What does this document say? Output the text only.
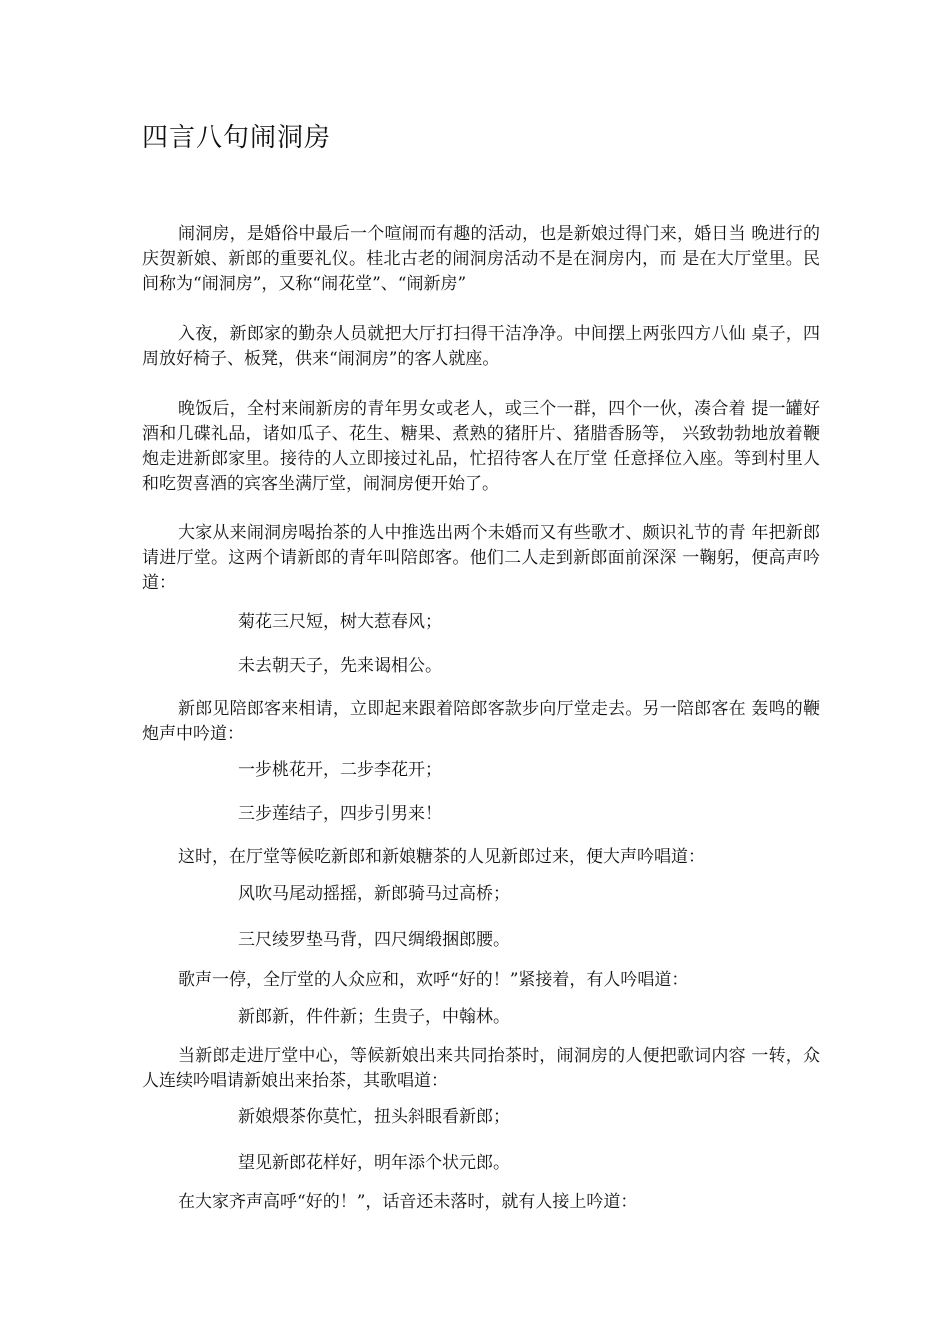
四言八句闹洞房

闹洞房，是婚俗中最后一个喧闹而有趣的活动，也是新娘过得门来，婚日当 晚进行的庆贺新娘、新郎的重要礼仪。桂北古老的闹洞房活动不是在洞房内，而 是在大厅堂里。民间称为“闹洞房”，又称“闹花堂”、“闹新房”

入夜，新郎家的勤杂人员就把大厅打扫得干洁净净。中间摆上两张四方八仙 桌子，四周放好椅子、板凳，供来“闹洞房”的客人就座。

晚饭后，全村来闹新房的青年男女或老人，或三个一群，四个一伙，凑合着 提一罐好酒和几碟礼品，诸如瓜子、花生、糖果、煮熟的猪肝片、猪腊香肠等， 兴致勃勃地放着鞭炮走进新郎家里。接待的人立即接过礼品，忙招待客人在厅堂 任意择位入座。等到村里人和吃贺喜酒的宾客坐满厅堂，闹洞房便开始了。

大家从来闹洞房喝抬茶的人中推选出两个未婚而又有些歌才、颇识礼节的青 年把新郎请进厅堂。这两个请新郎的青年叫陪郎客。他们二人走到新郎面前深深 一鞠躬，便高声吟道：

菊花三尺短，树大惹春风；

未去朝天子，先来谒相公。

新郎见陪郎客来相请，立即起来跟着陪郎客款步向厅堂走去。另一陪郎客在 轰鸣的鞭炮声中吟道：

一步桃花开，二步李花开；

三步莲结子，四步引男来！

这时，在厅堂等候吃新郎和新娘糖茶的人见新郎过来，便大声吟唱道：

风吹马尾动摇摇，新郎骑马过高桥；

三尺绫罗垫马背，四尺绸缎捆郎腰。

歌声一停，全厅堂的人众应和，欢呼“好的！”紧接着，有人吟唱道：

新郎新，件件新；生贵子，中翰林。

当新郎走进厅堂中心，等候新娘出来共同抬茶时，闹洞房的人便把歌词内容 一转，众人连续吟唱请新娘出来抬茶，其歌唱道：

新娘煨茶你莫忙，扭头斜眼看新郎；

望见新郎花样好，明年添个状元郎。

在大家齐声高呼“好的！”，话音还未落时，就有人接上吟道：
